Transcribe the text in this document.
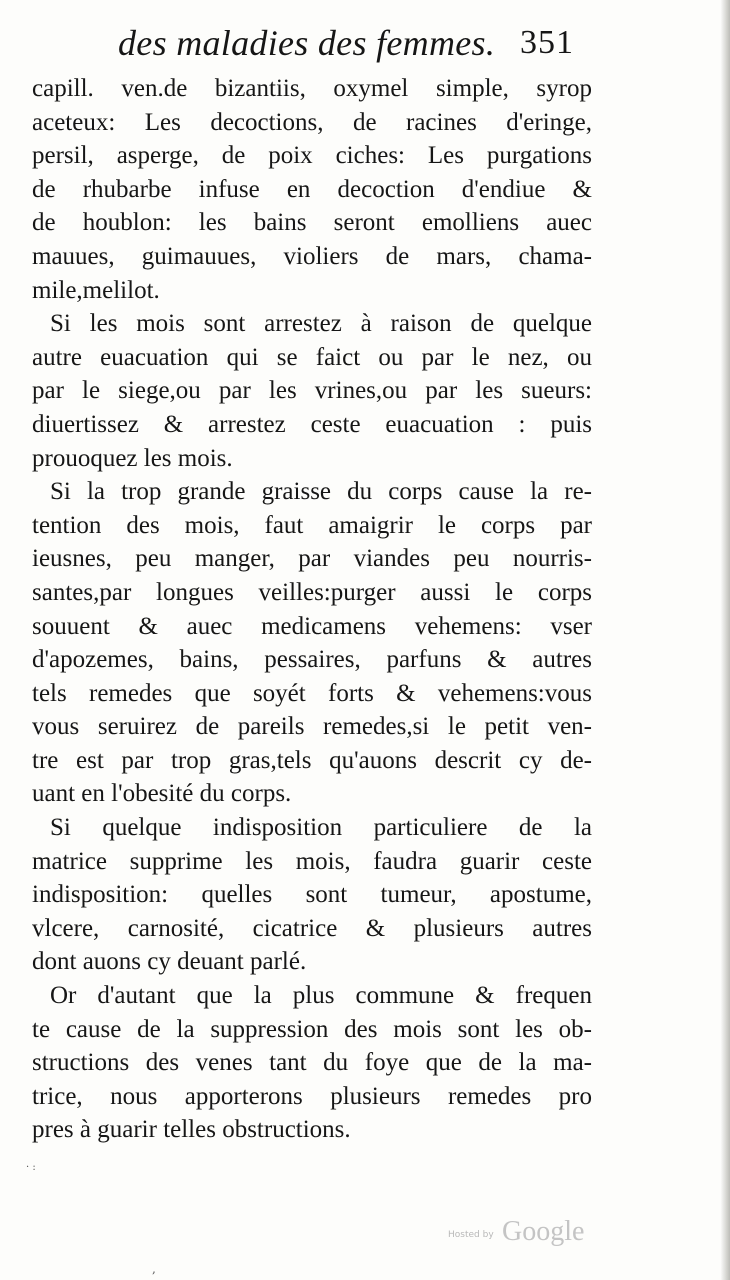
des maladies des femmes. 351
capill. ven.de bizantiis, oxymel simple, syrop
aceteux: Les decoctions, de racines d'eringe,
persil, asperge, de poix ciches: Les purgations
de rhubarbe infuse en decoction d'endiue &
de houblon: les bains seront emolliens auec
mauues, guimauues, violiers de mars, chama-
mile,melilot.
Si les mois sont arrestez à raison de quelque
autre euacuation qui se faict ou par le nez, ou
par le siege,ou par les vrines,ou par les sueurs:
diuertissez & arrestez ceste euacuation : puis
prouoquez les mois.
Si la trop grande graisse du corps cause la re-
tention des mois, faut amaigrir le corps par
ieusnes, peu manger, par viandes peu nourris-
santes,par longues veilles:purger aussi le corps
souuent & auec medicamens vehemens: vser
d'apozemes, bains, pessaires, parfuns & autres
tels remedes que soyét forts & vehemens:vous
vous seruirez de pareils remedes,si le petit ven-
tre est par trop gras,tels qu'auons descrit cy de-
uant en l'obesité du corps.
Si quelque indisposition particuliere de la
matrice supprime les mois, faudra guarir ceste
indisposition: quelles sont tumeur, apostume,
vlcere, carnosité, cicatrice & plusieurs autres
dont auons cy deuant parlé.
Or d'autant que la plus commune & frequen
te cause de la suppression des mois sont les ob-
structions des venes tant du foye que de la ma-
trice, nous apporterons plusieurs remedes pro
pres à guarir telles obstructions.
· :
,
Hosted by Google
